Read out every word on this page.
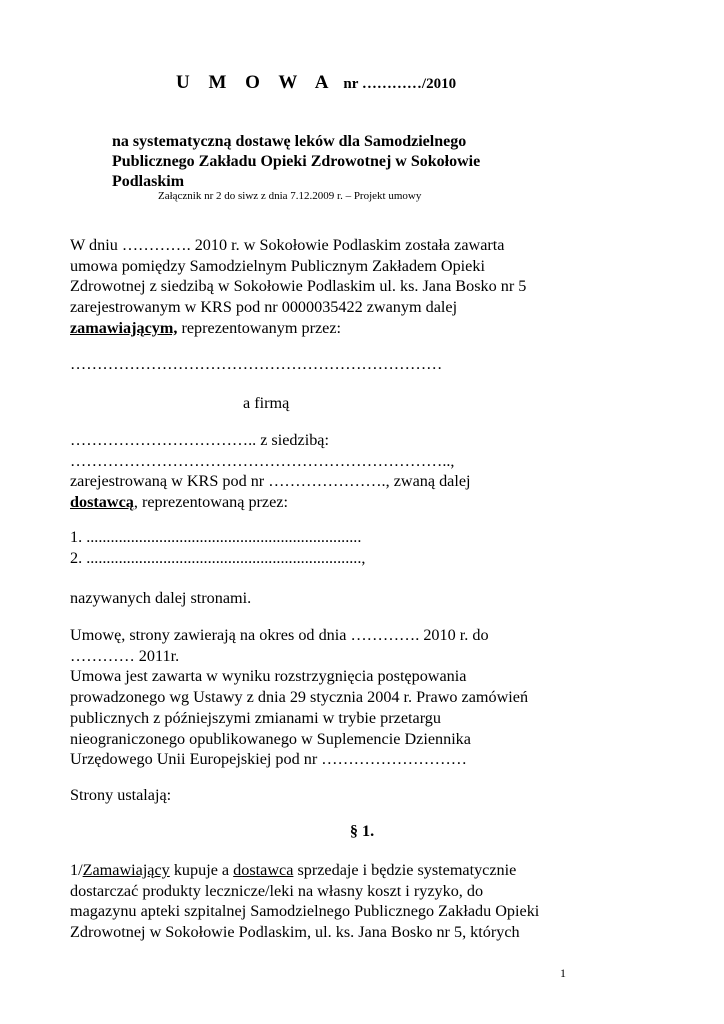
U M O W A nr …………/2010
na systematyczną dostawę leków dla Samodzielnego
Publicznego Zakładu Opieki Zdrowotnej w Sokołowie
Podlaskim
Załącznik nr 2 do siwz z dnia 7.12.2009 r. – Projekt umowy
W dniu …………. 2010 r. w Sokołowie Podlaskim została zawarta
umowa pomiędzy Samodzielnym Publicznym Zakładem Opieki
Zdrowotnej z siedzibą w Sokołowie Podlaskim ul. ks. Jana Bosko nr 5
zarejestrowanym w KRS pod nr 0000035422 zwanym dalej
zamawiającym, reprezentowanym przez:
……………………………………………………………
a firmą
…………………………….. z siedzibą:
……………………………………………………………..,
zarejestrowaną w KRS pod nr …………………., zwaną dalej
dostawcą, reprezentowaną przez:
1. ....................................................................
2. ....................................................................,
nazywanych dalej stronami.
Umowę, strony zawierają na okres od dnia …………. 2010 r. do
………… 2011r.
Umowa jest zawarta w wyniku rozstrzygnięcia postępowania
prowadzonego wg Ustawy z dnia 29 stycznia 2004 r. Prawo zamówień
publicznych z późniejszymi zmianami w trybie przetargu
nieograniczonego opublikowanego w Suplemencie Dziennika
Urzędowego Unii Europejskiej pod nr ………………………
Strony ustalają:
§ 1.
1/Zamawiający kupuje a dostawca sprzedaje i będzie systematycznie
dostarczać produkty lecznicze/leki na własny koszt i ryzyko, do
magazynu apteki szpitalnej Samodzielnego Publicznego Zakładu Opieki
Zdrowotnej w Sokołowie Podlaskim, ul. ks. Jana Bosko nr 5, których
1
